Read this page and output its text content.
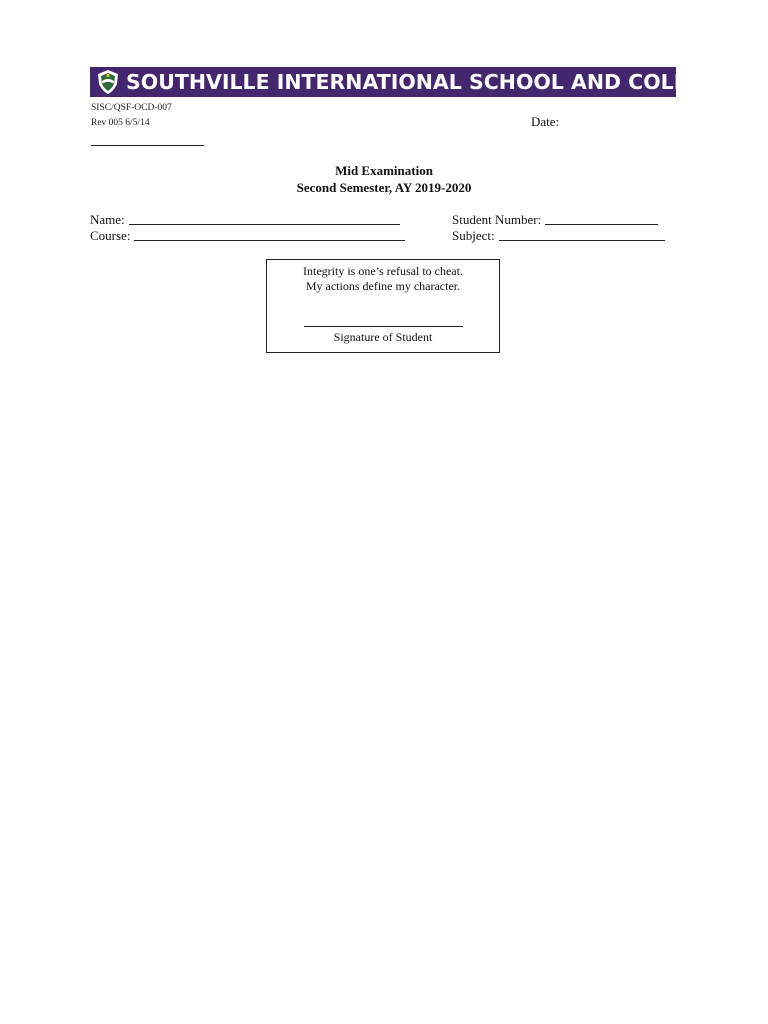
SOUTHVILLE INTERNATIONAL SCHOOL AND COLLEGES
SISC/QSF-OCD-007
Rev 005 6/5/14	Date:
Mid Examination
Second Semester, AY 2019-2020
Name:
Course:
Student Number:
Subject:
Integrity is one’s refusal to cheat.
My actions define my character.
Signature of Student
